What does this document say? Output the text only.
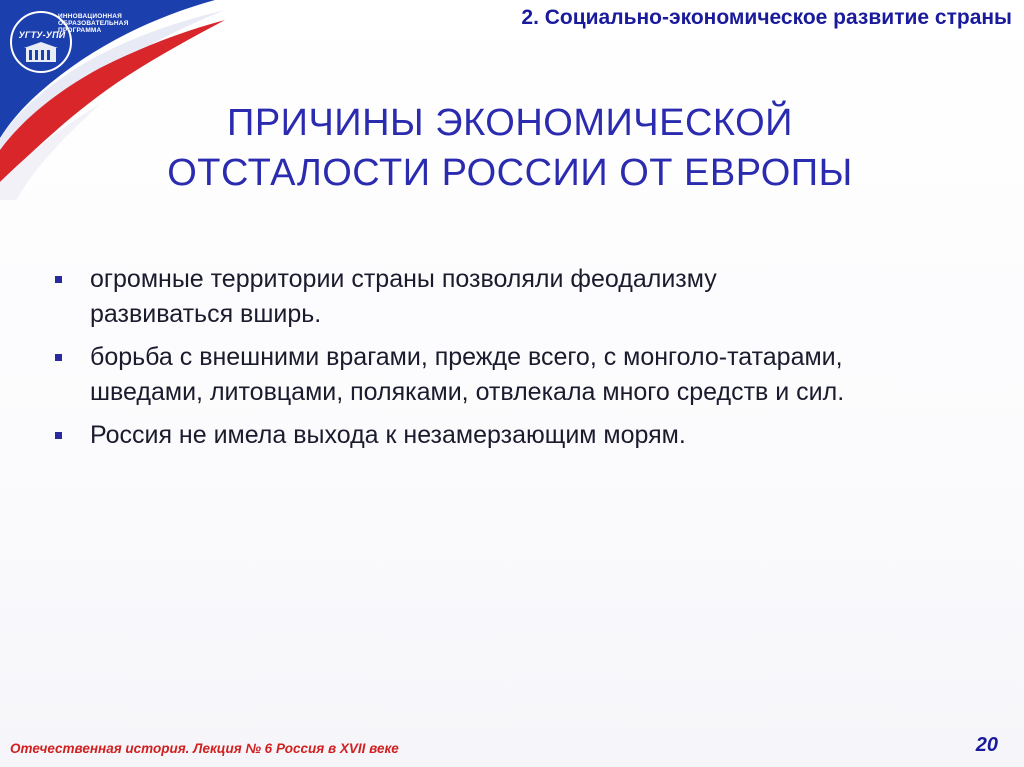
УГТУ-УПИ
ИННОВАЦИОННАЯ
ОБРАЗОВАТЕЛЬНАЯ
ПРОГРАММА
2. Социально-экономическое развитие страны
ПРИЧИНЫ ЭКОНОМИЧЕСКОЙ
ОТСТАЛОСТИ РОССИИ ОТ ЕВРОПЫ
огромные территории страны позволяли феодализму
развиваться вширь.
борьба с внешними врагами, прежде всего, с монголо-татарами,
шведами, литовцами, поляками, отвлекала много средств и сил.
Россия не имела выхода к незамерзающим морям.
Отечественная история. Лекция № 6 Россия в XVII веке	20
